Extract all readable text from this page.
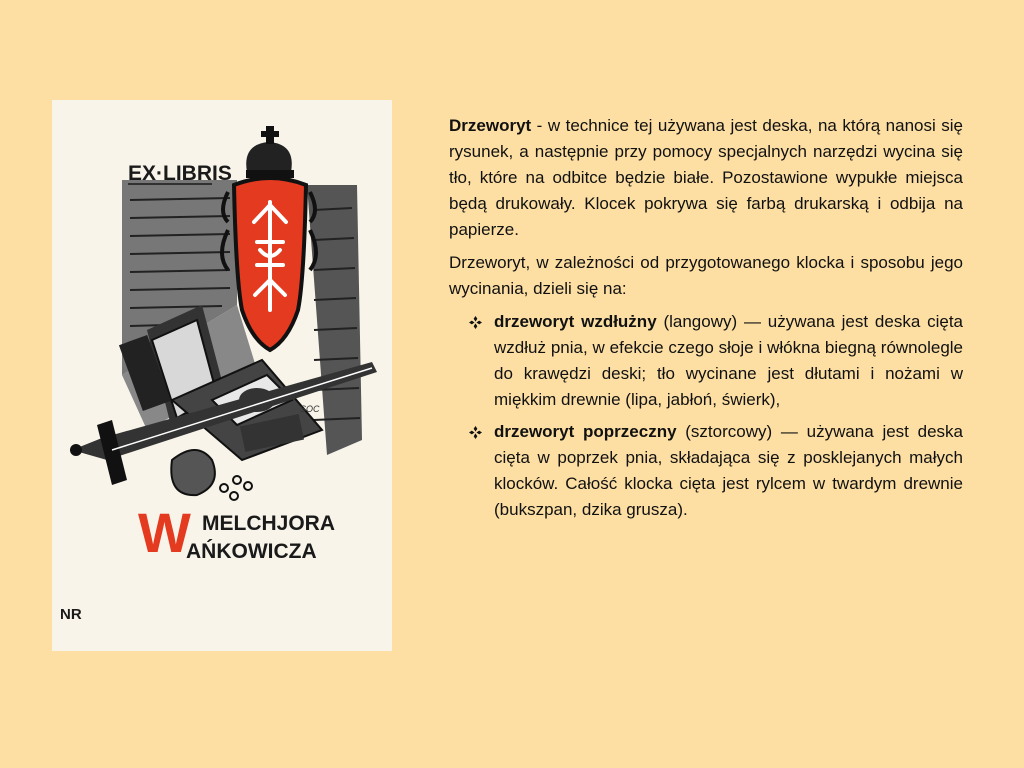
EX·LIBRIS
SOC
W MELCHJORA
AŃKOWICZA
NR

Drzeworyt - w technice tej używana jest deska, na którą nanosi się rysunek, a następnie przy pomocy specjalnych narzędzi wycina się tło, które na odbitce będzie białe. Pozostawione wypukłe miejsca będą drukowały. Klocek pokrywa się farbą drukarską i odbija na papierze.

Drzeworyt, w zależności od przygotowanego klocka i sposobu jego wycinania, dzieli się na:

drzeworyt wzdłużny (langowy) — używana jest deska cięta wzdłuż pnia, w efekcie czego słoje i włókna biegną równolegle do krawędzi deski; tło wycinane jest dłutami i nożami w miękkim drewnie (lipa, jabłoń, świerk),
drzeworyt poprzeczny (sztorcowy) — używana jest deska cięta w poprzek pnia, składająca się z posklejanych małych klocków. Całość klocka cięta jest rylcem w twardym drewnie (bukszpan, dzika grusza).
